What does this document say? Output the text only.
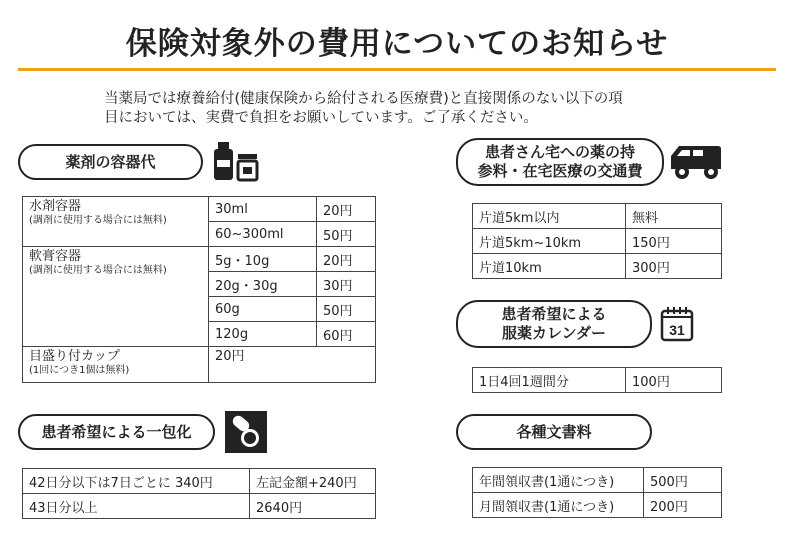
保険対象外の費用についてのお知らせ
当薬局では療養給付(健康保険から給付される医療費)と直接関係のない以下の項
目においては、実費で負担をお願いしています。ご了承ください。
薬剤の容器代
水剤容器
(調剤に使用する場合には無料)	30ml	20円
	60~300ml	50円

軟膏容器
(調剤に使用する場合には無料)	5g・10g	20円
	20g・30g	30円
	60g	50円
	120g	60円

目盛り付カップ
(1回につき1個は無料)	20円	
患者希望による一包化
42日分以下は7日ごとに 340円	左記金額+240円
43日分以上	2640円
患者さん宅への薬の持
参料・在宅医療の交通費
片道5km以内	無料
片道5km~10km	150円
片道10km	300円
患者希望による
服薬カレンダー	31
1日4回1週間分	100円
各種文書料
年間領収書(1通につき)	500円
月間領収書(1通につき)	200円
